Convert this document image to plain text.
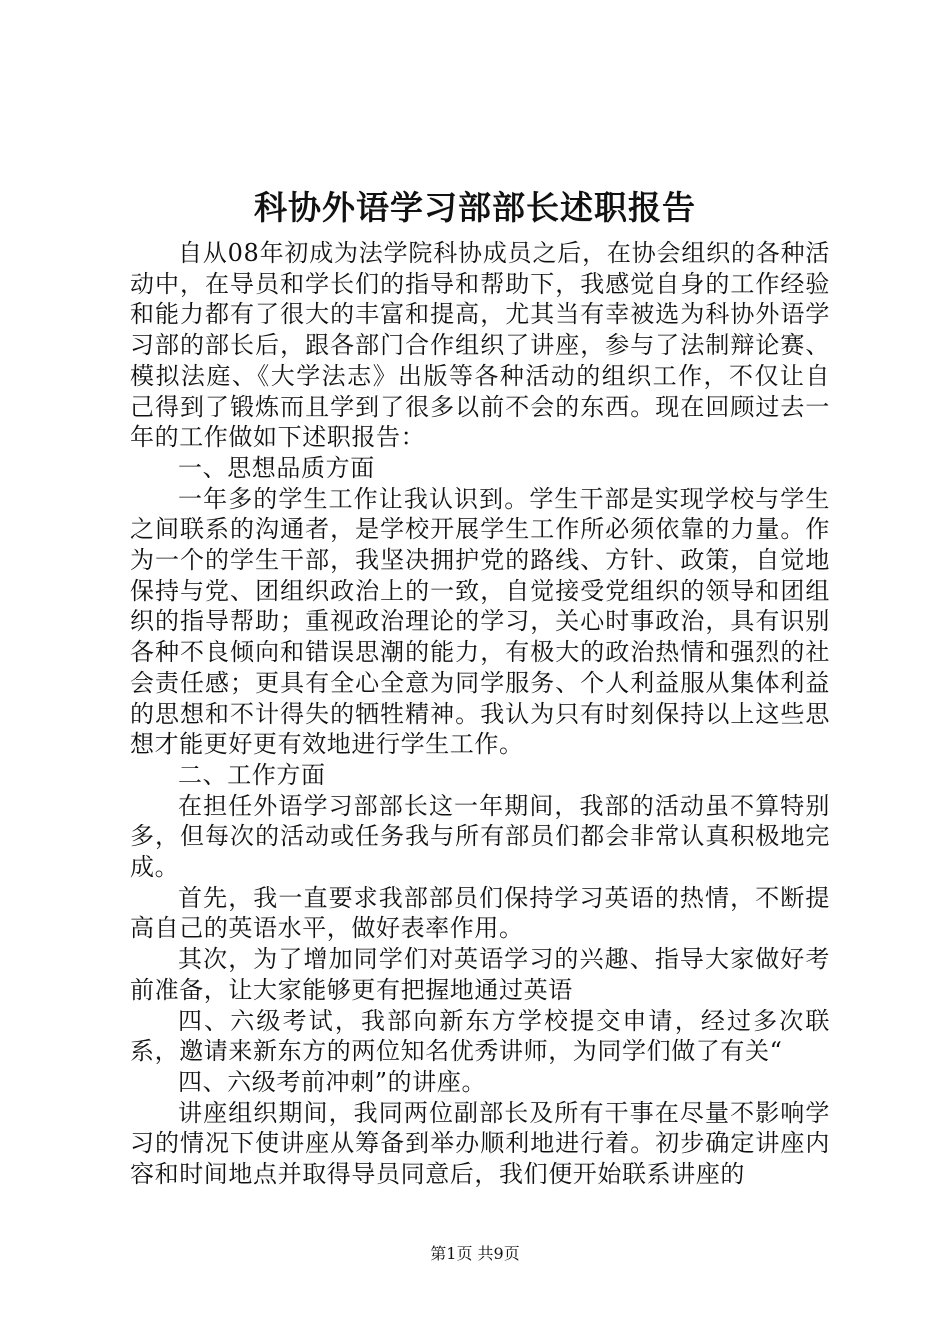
科协外语学习部部长述职报告

自从08年初成为法学院科协成员之后，在协会组织的各种活动中，在导员和学长们的指导和帮助下，我感觉自身的工作经验和能力都有了很大的丰富和提高，尤其当有幸被选为科协外语学习部的部长后，跟各部门合作组织了讲座，参与了法制辩论赛、模拟法庭、《大学法志》出版等各种活动的组织工作，不仅让自己得到了锻炼而且学到了很多以前不会的东西。现在回顾过去一年的工作做如下述职报告：

一、思想品质方面

一年多的学生工作让我认识到。学生干部是实现学校与学生之间联系的沟通者，是学校开展学生工作所必须依靠的力量。作为一个的学生干部，我坚决拥护党的路线、方针、政策，自觉地保持与党、团组织政治上的一致，自觉接受党组织的领导和团组织的指导帮助；重视政治理论的学习，关心时事政治，具有识别各种不良倾向和错误思潮的能力，有极大的政治热情和强烈的社会责任感；更具有全心全意为同学服务、个人利益服从集体利益的思想和不计得失的牺牲精神。我认为只有时刻保持以上这些思想才能更好更有效地进行学生工作。

二、工作方面

在担任外语学习部部长这一年期间，我部的活动虽不算特别多，但每次的活动或任务我与所有部员们都会非常认真积极地完成。

首先，我一直要求我部部员们保持学习英语的热情，不断提高自己的英语水平，做好表率作用。

其次，为了增加同学们对英语学习的兴趣、指导大家做好考前准备，让大家能够更有把握地通过英语

四、六级考试，我部向新东方学校提交申请，经过多次联系，邀请来新东方的两位知名优秀讲师，为同学们做了有关“

四、六级考前冲刺”的讲座。

讲座组织期间，我同两位副部长及所有干事在尽量不影响学习的情况下使讲座从筹备到举办顺利地进行着。初步确定讲座内容和时间地点并取得导员同意后，我们便开始联系讲座的

第1页 共9页
